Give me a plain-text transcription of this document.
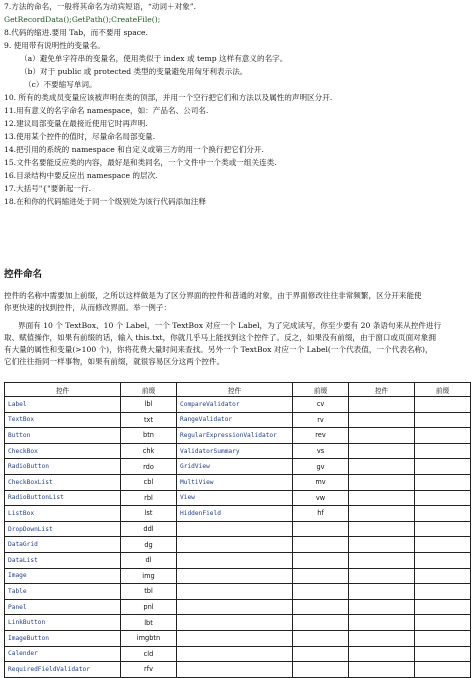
7.方法的命名，一般将其命名为动宾短语，“动词＋对象”.
GetRecordData();GetPath();CreateFile();
8.代码的缩进.要用 Tab，而不要用 space.
9. 使用带有说明性的变量名。
（a）避免单字符串的变量名，使用类似于 index 或 temp 这样有意义的名字。
（b）对于 public 或 protected 类型的变量避免用匈牙利表示法。
（c）不要缩写单词。
10. 所有的类成员变量应该被声明在类的顶部，并用一个空行把它们和方法以及属性的声明区分开.
11.用有意义的名字命名 namespace，如：产品名、公司名.
12.建议局部变量在最接近使用它时再声明.
13.使用某个控件的值时，尽量命名局部变量.
14.把引用的系统的 namespace 和自定义或第三方的用一个换行把它们分开.
15.文件名要能反应类的内容，最好是和类同名，一个文件中一个类或一组关连类.
16.目录结构中要反应出 namespace 的层次.
17.大括号"{"要新起一行.
18.在和你的代码缩进处于同一个级别处为该行代码添加注释
控件命名
控件的名称中需要加上前缀，之所以这样做是为了区分界面的控件和普通的对象，由于界面修改往往非常频繁，区分开来能使
你更快速的找到控件，从而修改界面。举一例子：
界面有 10 个 TextBox、10 个 Label，一个 TextBox 对应一个 Label，为了完成读写，你至少要有 20 条语句来从控件进行
取、赋值操作，如果有前缀的话，输入 this.txt，你就几乎马上能找到这个控件了。反之，如果没有前缀，由于窗口或页面对象拥
有大量的属性和变量(>100 个)，你将花费大量时间来查找。另外一个 TextBox 对应一个 Label(一个代表值，一个代表名称)，
它们往往指同一样事物，如果有前缀，就很容易区分这两个控件。
控件	前缀	控件	前缀	控件	前缀
Label	lbl	CompareValidator	cv		
TextBox	txt	RangeValidator	rv		
Button	btn	RegularExpressionValidator	rev		
CheckBox	chk	ValidatorSummary	vs		
RadioButton	rdo	GridView	gv		
CheckBoxList	cbl	MultiView	mv		
RadioButtonList	rbl	View	vw		
ListBox	lst	HiddenField	hf		
DropDownList	ddl				
DataGrid	dg				
DataList	dl				
Image	img				
Table	tbl				
Panel	pnl				
LinkButton	lbt				
ImageButton	imgbtn				
Calender	cld				
RequiredFieldValidator	rfv				
